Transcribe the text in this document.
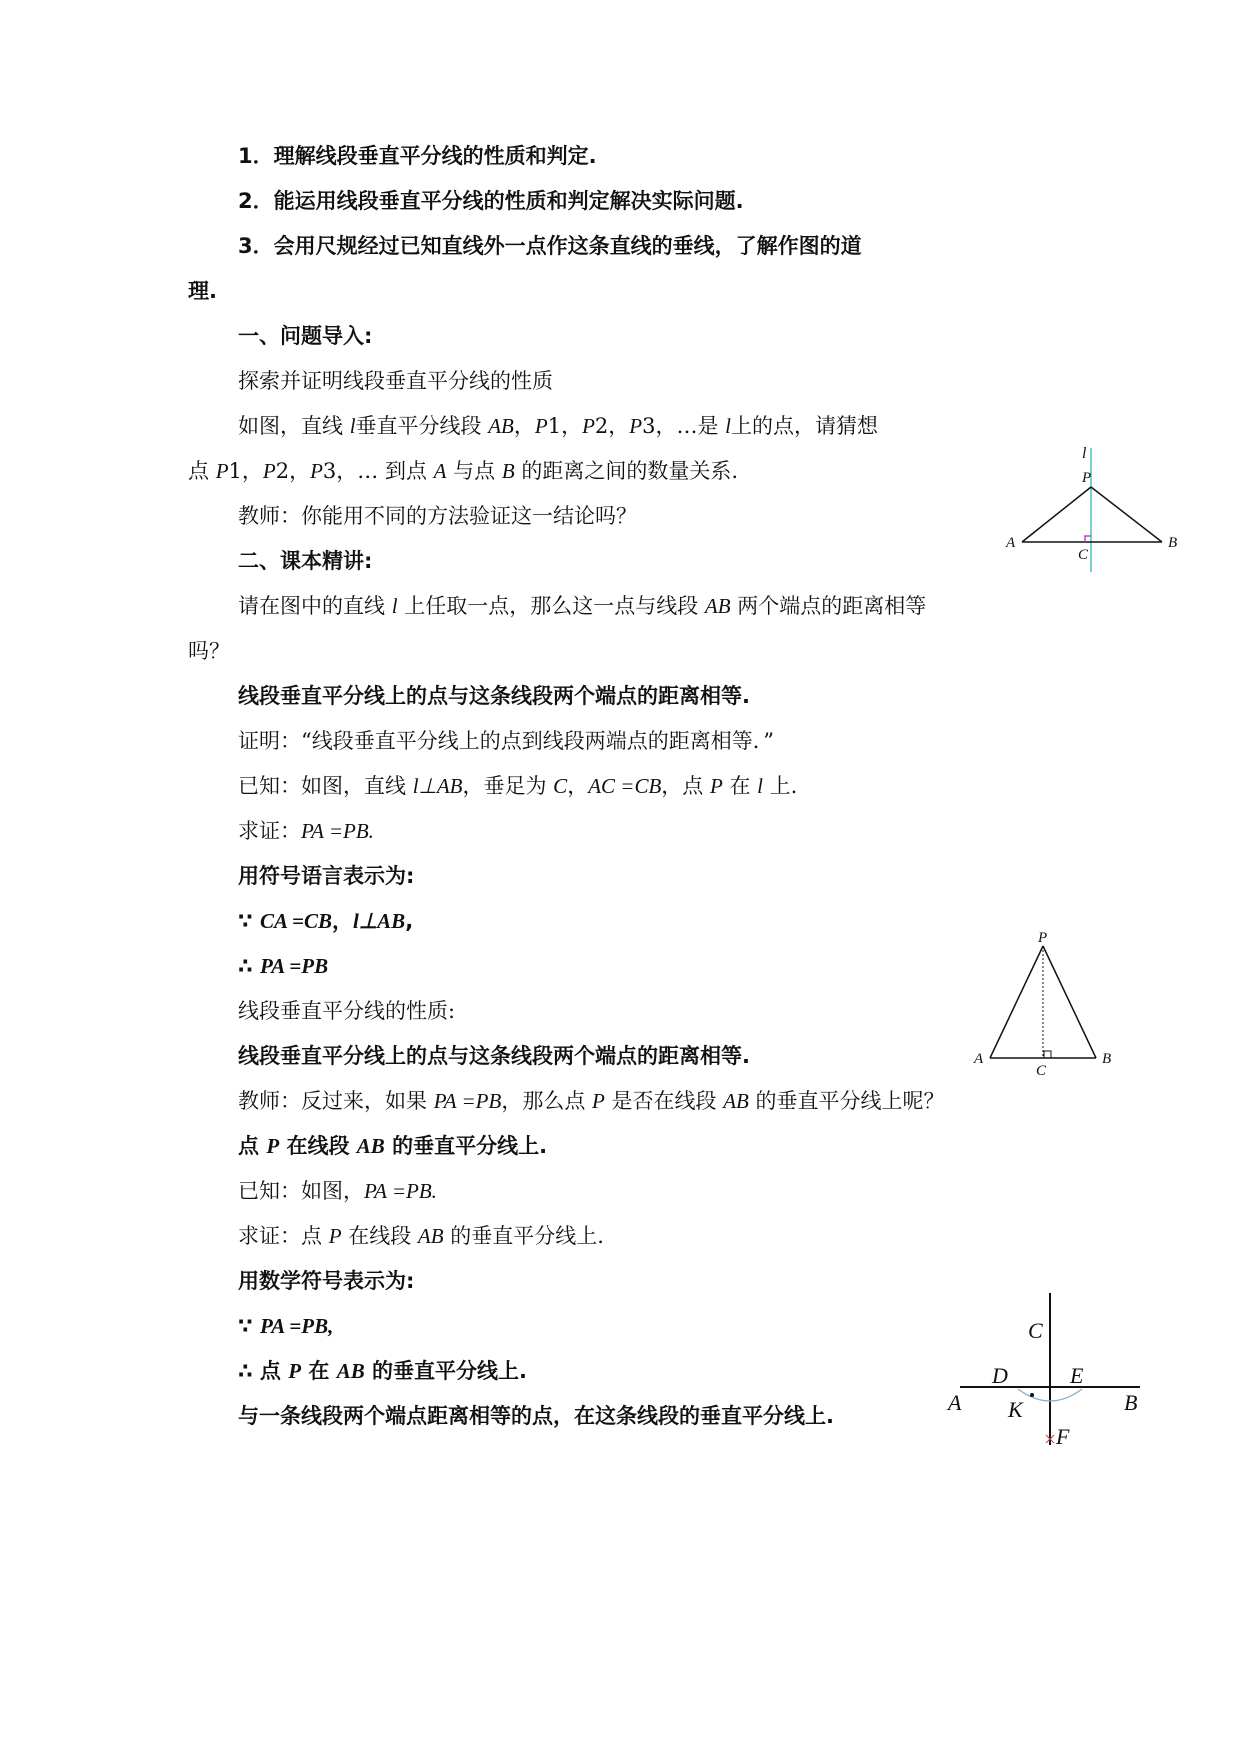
1．理解线段垂直平分线的性质和判定.
2．能运用线段垂直平分线的性质和判定解决实际问题.
3．会用尺规经过已知直线外一点作这条直线的垂线，了解作图的道
理.
一、问题导入:
探索并证明线段垂直平分线的性质
如图，直线 l垂直平分线段 AB，P1，P2，P3，…是 l上的点，请猜想
点 P1，P2，P3，… 到点 A 与点 B 的距离之间的数量关系.
教师：你能用不同的方法验证这一结论吗？
二、课本精讲:
请在图中的直线 l 上任取一点，那么这一点与线段 AB 两个端点的距离相等
吗？
线段垂直平分线上的点与这条线段两个端点的距离相等.
证明：“线段垂直平分线上的点到线段两端点的距离相等．”
已知：如图，直线 l⊥AB，垂足为 C，AC =CB，点 P 在 l 上.
求证：PA =PB.
用符号语言表示为:
∵ CA =CB，l⊥AB,
∴ PA =PB
线段垂直平分线的性质:
线段垂直平分线上的点与这条线段两个端点的距离相等.
教师：反过来，如果 PA =PB，那么点 P 是否在线段 AB 的垂直平分线上呢？
点 P 在线段 AB 的垂直平分线上.
已知：如图，PA =PB.
求证：点 P 在线段 AB 的垂直平分线上.
用数学符号表示为:
∵ PA =PB,
∴ 点 P 在 AB 的垂直平分线上.
与一条线段两个端点距离相等的点，在这条线段的垂直平分线上.
l
P
A	B
C
P
A	B
C
C
D	E
A K	B
F
